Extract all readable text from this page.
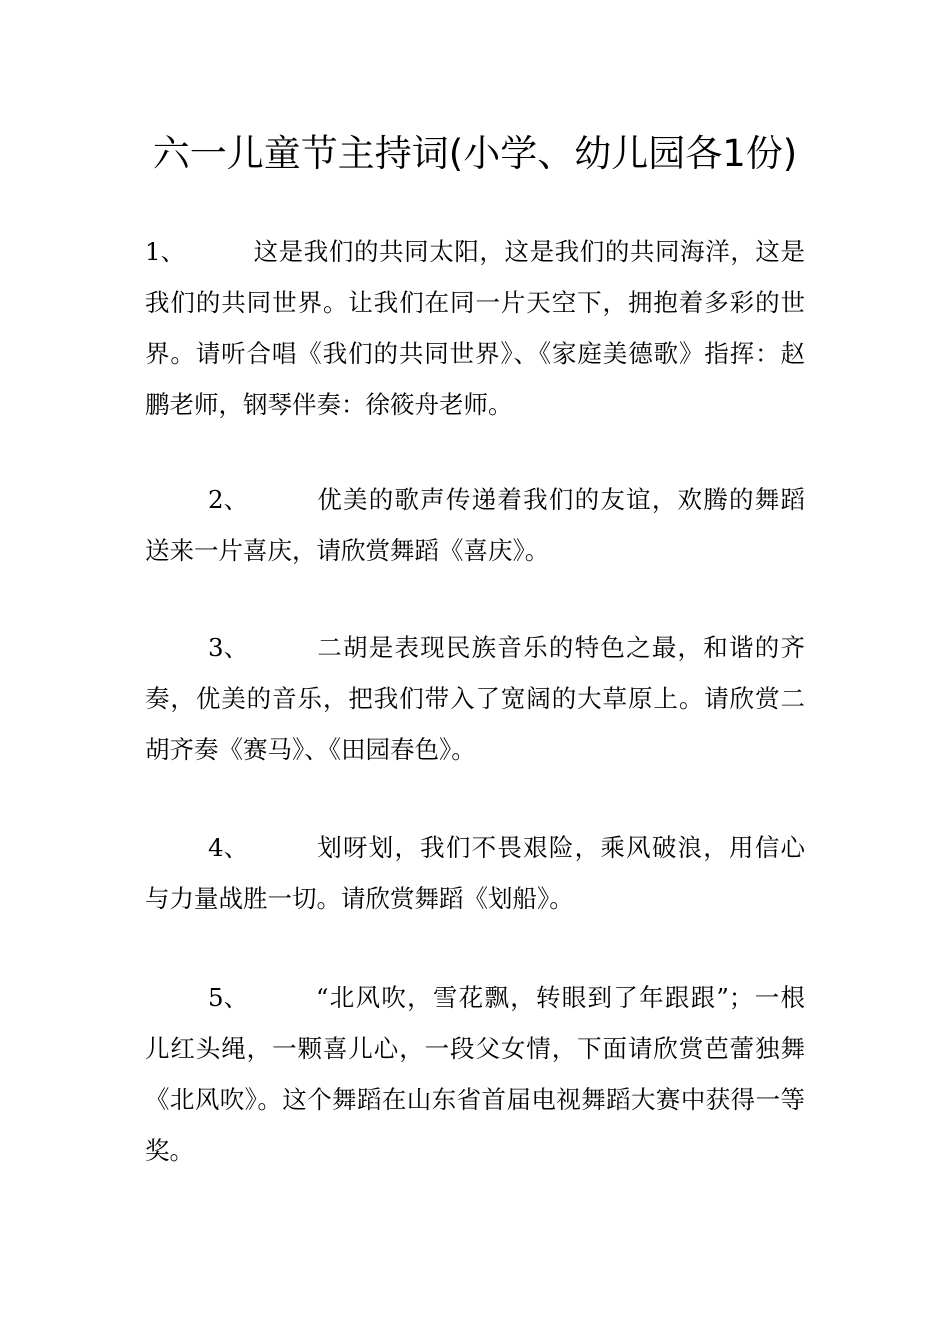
六一儿童节主持词(小学、幼儿园各1份)

1、	这是我们的共同太阳，这是我们的共同海洋，这是我们的共同世界。让我们在同一片天空下，拥抱着多彩的世界。请听合唱《我们的共同世界》、《家庭美德歌》指挥：赵鹏老师，钢琴伴奏：徐筱舟老师。

2、	优美的歌声传递着我们的友谊，欢腾的舞蹈送来一片喜庆，请欣赏舞蹈《喜庆》。

3、	二胡是表现民族音乐的特色之最，和谐的齐奏，优美的音乐，把我们带入了宽阔的大草原上。请欣赏二胡齐奏《赛马》、《田园春色》。

4、	划呀划，我们不畏艰险，乘风破浪，用信心与力量战胜一切。请欣赏舞蹈《划船》。

5、	“北风吹，雪花飘，转眼到了年跟跟”；一根儿红头绳，一颗喜儿心，一段父女情，下面请欣赏芭蕾独舞《北风吹》。这个舞蹈在山东省首届电视舞蹈大赛中获得一等奖。
